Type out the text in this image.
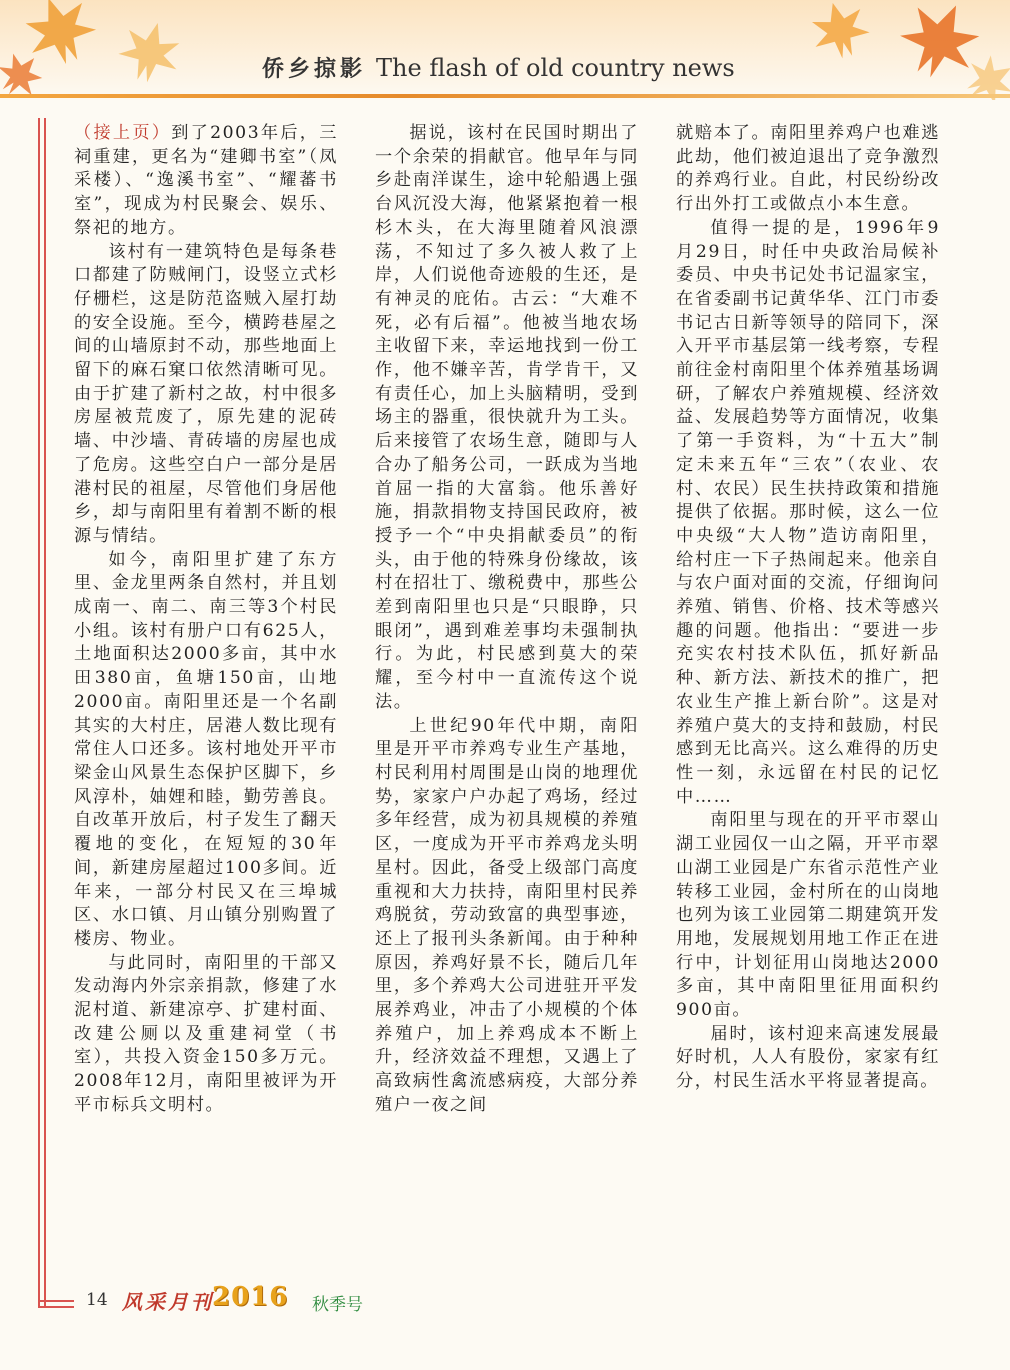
侨乡掠影 The flash of old country news

（接上页）到了2003年后，三祠重建，更名为“建卿书室”（凤采楼）、“逸溪书室”、“耀蕃书室”，现成为村民聚会、娱乐、祭祀的地方。

该村有一建筑特色是每条巷口都建了防贼闸门，设竖立式杉仔栅栏，这是防范盗贼入屋打劫的安全设施。至今，横跨巷屋之间的山墙原封不动，那些地面上留下的麻石窠口依然清晰可见。由于扩建了新村之故，村中很多房屋被荒废了，原先建的泥砖墙、中沙墙、青砖墙的房屋也成了危房。这些空白户一部分是居港村民的祖屋，尽管他们身居他乡，却与南阳里有着割不断的根源与情结。

如今，南阳里扩建了东方里、金龙里两条自然村，并且划成南一、南二、南三等3个村民小组。该村有册户口有625人，土地面积达2000多亩，其中水田380亩，鱼塘150亩，山地2000亩。南阳里还是一个名副其实的大村庄，居港人数比现有常住人口还多。该村地处开平市梁金山风景生态保护区脚下，乡风淳朴，妯娌和睦，勤劳善良。自改革开放后，村子发生了翻天覆地的变化，在短短的30年间，新建房屋超过100多间。近年来，一部分村民又在三埠城区、水口镇、月山镇分别购置了楼房、物业。

与此同时，南阳里的干部又发动海内外宗亲捐款，修建了水泥村道、新建凉亭、扩建村面、改建公厕以及重建祠堂（书室），共投入资金150多万元。2008年12月，南阳里被评为开平市标兵文明村。

据说，该村在民国时期出了一个余荣的捐献官。他早年与同乡赴南洋谋生，途中轮船遇上强台风沉没大海，他紧紧抱着一根杉木头，在大海里随着风浪漂荡，不知过了多久被人救了上岸，人们说他奇迹般的生还，是有神灵的庇佑。古云：“大难不死，必有后福”。他被当地农场主收留下来，幸运地找到一份工作，他不嫌辛苦，肯学肯干，又有责任心，加上头脑精明，受到场主的器重，很快就升为工头。后来接管了农场生意，随即与人合办了船务公司，一跃成为当地首屈一指的大富翁。他乐善好施，捐款捐物支持国民政府，被授予一个“中央捐献委员”的衔头，由于他的特殊身份缘故，该村在招壮丁、缴税费中，那些公差到南阳里也只是“只眼睁，只眼闭”，遇到难差事均未强制执行。为此，村民感到莫大的荣耀，至今村中一直流传这个说法。

上世纪90年代中期，南阳里是开平市养鸡专业生产基地，村民利用村周围是山岗的地理优势，家家户户办起了鸡场，经过多年经营，成为初具规模的养殖区，一度成为开平市养鸡龙头明星村。因此，备受上级部门高度重视和大力扶持，南阳里村民养鸡脱贫，劳动致富的典型事迹，还上了报刊头条新闻。由于种种原因，养鸡好景不长，随后几年里，多个养鸡大公司进驻开平发展养鸡业，冲击了小规模的个体养殖户，加上养鸡成本不断上升，经济效益不理想，又遇上了高致病性禽流感病疫，大部分养殖户一夜之间

就赔本了。南阳里养鸡户也难逃此劫，他们被迫退出了竞争激烈的养鸡行业。自此，村民纷纷改行出外打工或做点小本生意。

值得一提的是，1996年9月29日，时任中央政治局候补委员、中央书记处书记温家宝，在省委副书记黄华华、江门市委书记古日新等领导的陪同下，深入开平市基层第一线考察，专程前往金村南阳里个体养殖基场调研，了解农户养殖规模、经济效益、发展趋势等方面情况，收集了第一手资料，为“十五大”制定未来五年“三农”（农业、农村、农民）民生扶持政策和措施提供了依据。那时候，这么一位中央级“大人物”造访南阳里，给村庄一下子热闹起来。他亲自与农户面对面的交流，仔细询问养殖、销售、价格、技术等感兴趣的问题。他指出：“要进一步充实农村技术队伍，抓好新品种、新方法、新技术的推广，把农业生产推上新台阶”。这是对养殖户莫大的支持和鼓励，村民感到无比高兴。这么难得的历史性一刻，永远留在村民的记忆中……

南阳里与现在的开平市翠山湖工业园仅一山之隔，开平市翠山湖工业园是广东省示范性产业转移工业园，金村所在的山岗地也列为该工业园第二期建筑开发用地，发展规划用地工作正在进行中，计划征用山岗地达2000多亩，其中南阳里征用面积约900亩。

届时，该村迎来高速发展最好时机，人人有股份，家家有红分，村民生活水平将显著提高。

14 风采月刊
2016 秋季号
